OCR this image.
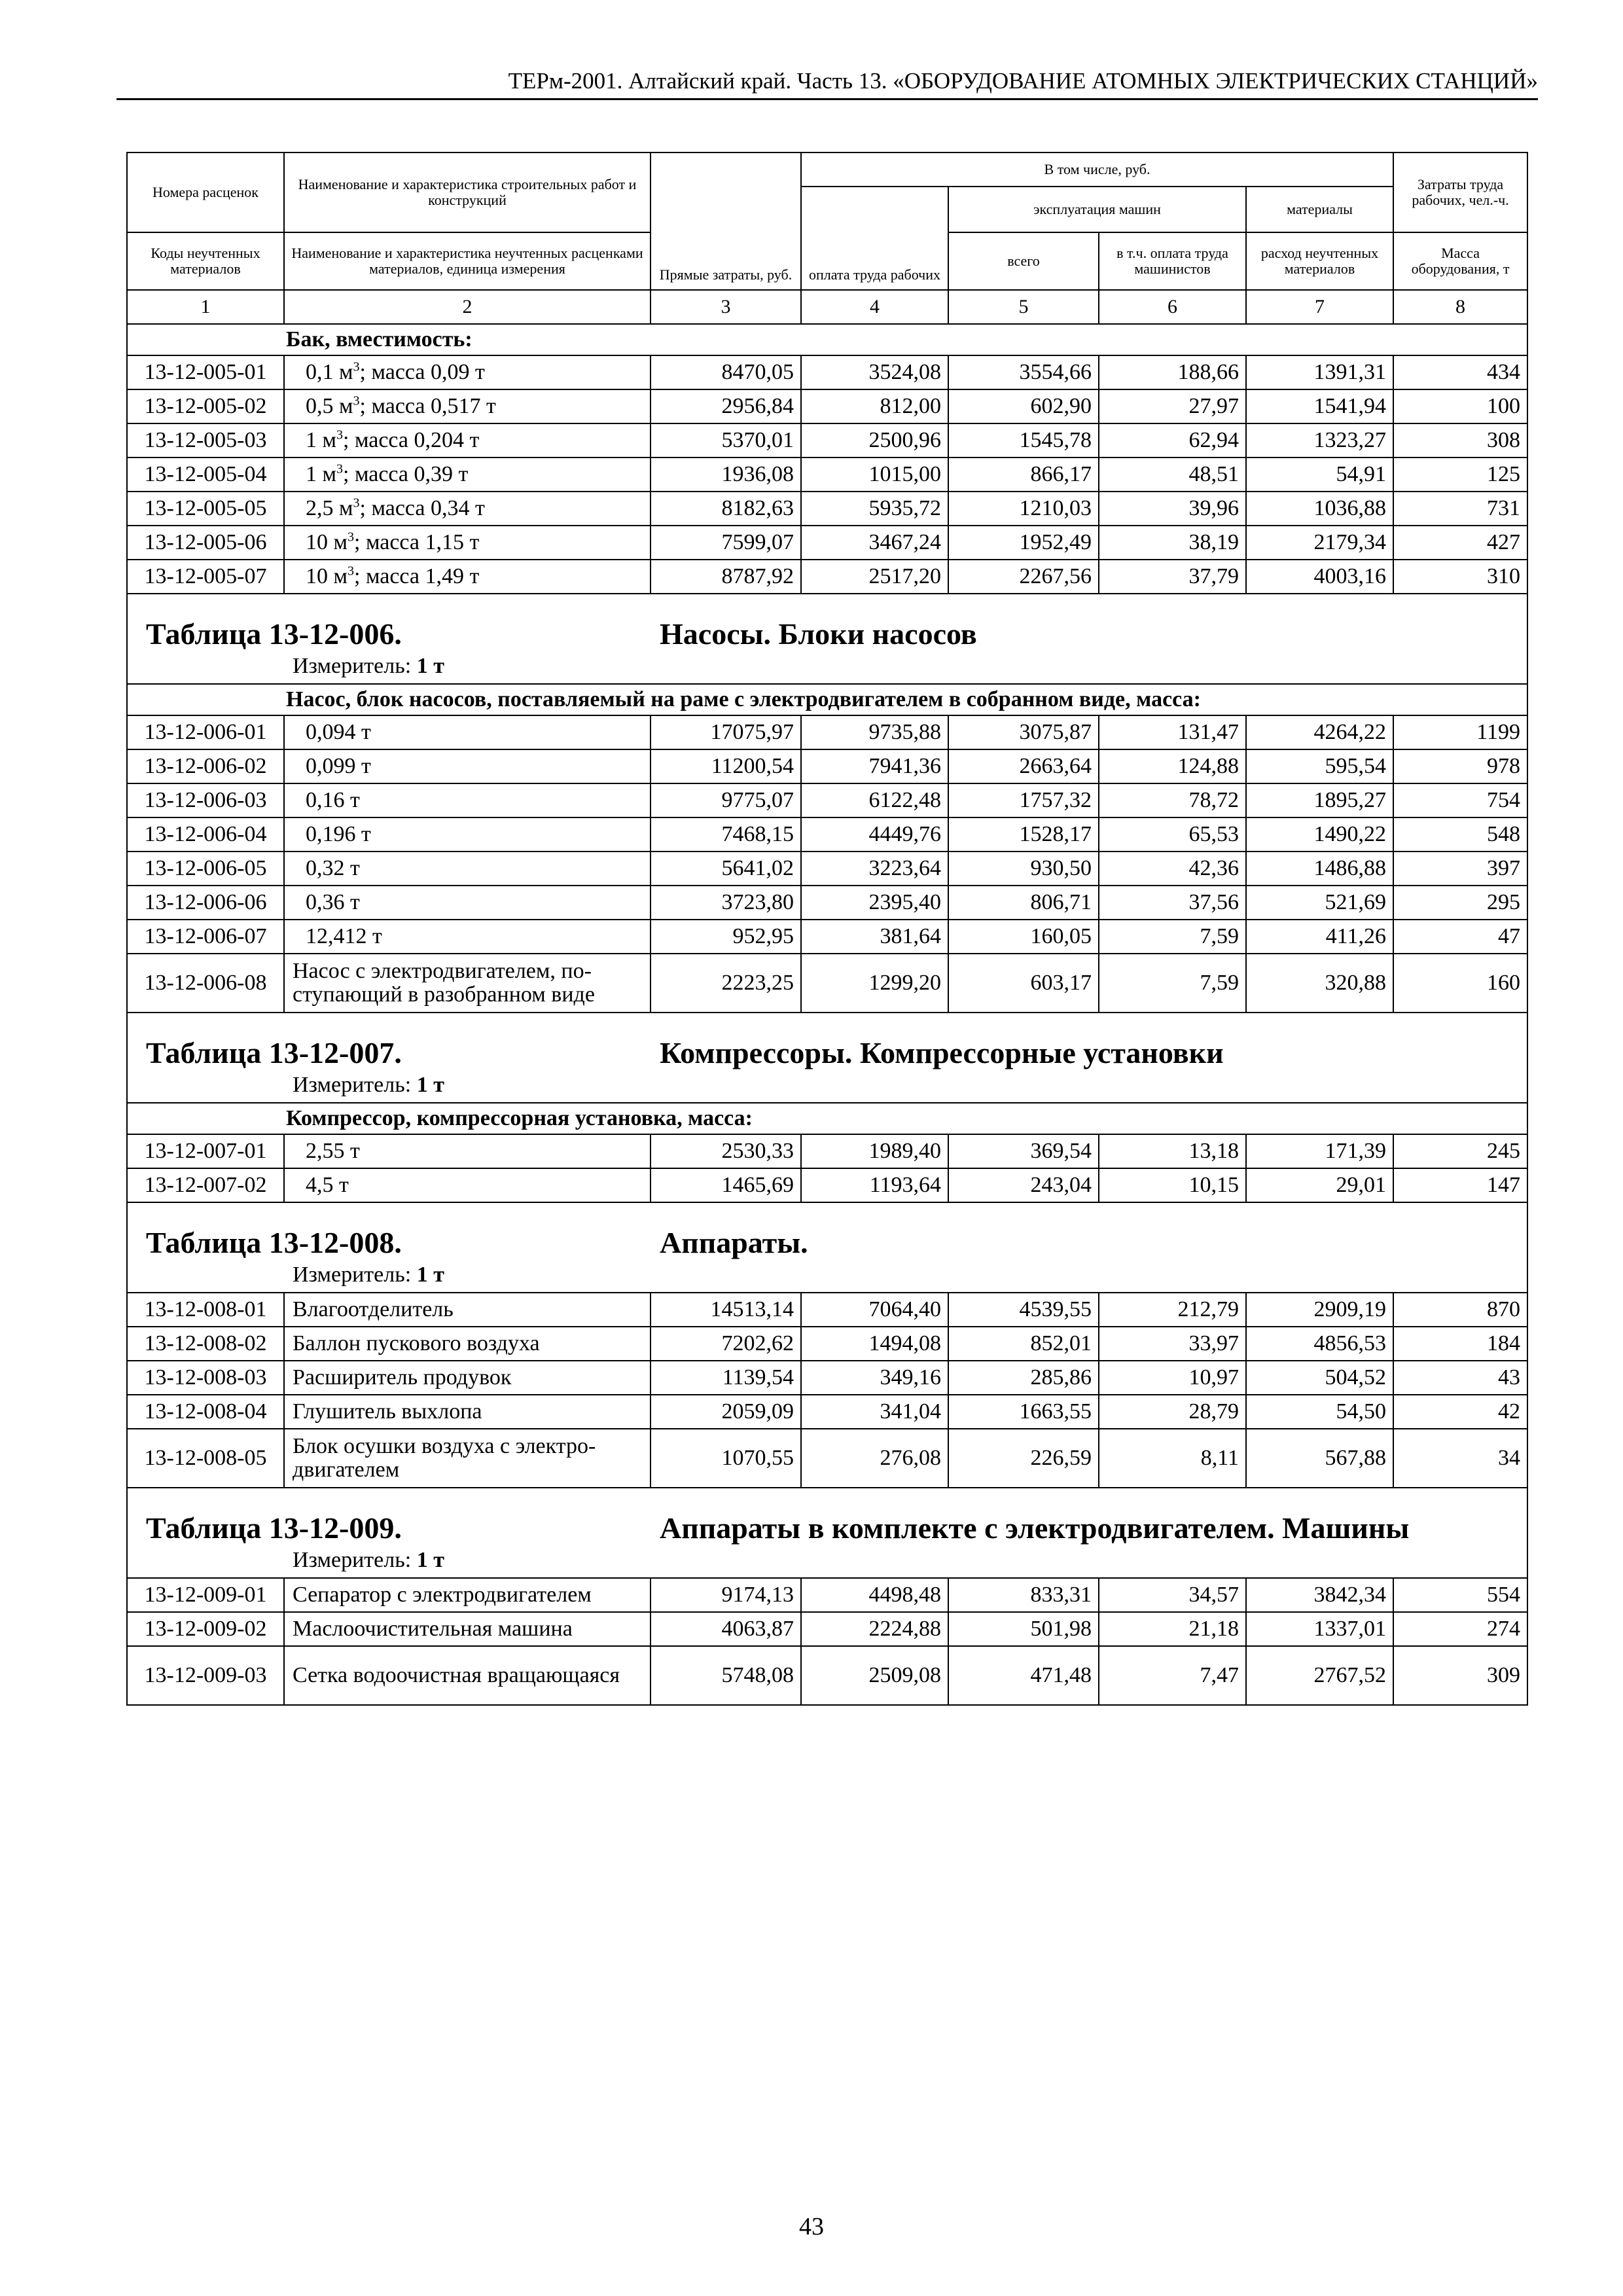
ТЕРм-2001. Алтайский край. Часть 13. «ОБОРУДОВАНИЕ АТОМНЫХ ЭЛЕКТРИЧЕСКИХ СТАНЦИЙ»
Номера расценок	Наименование и характеристика строительных работ и конструкций	Прямые затраты, руб.	В том числе, руб.				Затраты труда рабочих, чел.-ч.
			оплата труда рабочих	эксплуатация машин		материалы	
Коды неучтенных материалов	Наименование и характеристика неучтенных расценками материалов, единица измерения			всего	в т.ч. оплата труда машинистов	расход неучтенных материалов	Масса оборудования, т
1	2	3	4	5	6	7	8
Бак, вместимость:							
13-12-005-01	0,1 $м^3$; масса 0,09 т	8470,05	3524,08	3554,66	188,66	1391,31	434
13-12-005-02	0,5 $м^3$; масса 0,517 т	2956,84	812,00	602,90	27,97	1541,94	100
13-12-005-03	1 $м^3$; масса 0,204 т	5370,01	2500,96	1545,78	62,94	1323,27	308
13-12-005-04	1 $м^3$; масса 0,39 т	1936,08	1015,00	866,17	48,51	54,91	125
13-12-005-05	2,5 $м^3$; масса 0,34 т	8182,63	5935,72	1210,03	39,96	1036,88	731
13-12-005-06	10 $м^3$; масса 1,15 т	7599,07	3467,24	1952,49	38,19	2179,34	427
13-12-005-07	10 $м^3$; масса 1,49 т	8787,92	2517,20	2267,56	37,79	4003,16	310

Таблица 13-12-006. Насосы. Блоки насосов
Измеритель: 1 т							

Насос, блок насосов, поставляемый на раме с электродвигателем в собранном виде, масса:							
13-12-006-01	0,094 т	17075,97	9735,88	3075,87	131,47	4264,22	1199
13-12-006-02	0,099 т	11200,54	7941,36	2663,64	124,88	595,54	978
13-12-006-03	0,16 т	9775,07	6122,48	1757,32	78,72	1895,27	754
13-12-006-04	0,196 т	7468,15	4449,76	1528,17	65,53	1490,22	548
13-12-006-05	0,32 т	5641,02	3223,64	930,50	42,36	1486,88	397
13-12-006-06	0,36 т	3723,80	2395,40	806,71	37,56	521,69	295
13-12-006-07	12,412 т	952,95	381,64	160,05	7,59	411,26	47
13-12-006-08	Насос с электродвигателем, поступающий в разобранном виде	2223,25	1299,20	603,17	7,59	320,88	160

Таблица 13-12-007. Компрессоры. Компрессорные установки
Измеритель: 1 т							

Компрессор, компрессорная установка, масса:							
13-12-007-01	2,55 т	2530,33	1989,40	369,54	13,18	171,39	245
13-12-007-02	4,5 т	1465,69	1193,64	243,04	10,15	29,01	147

Таблица 13-12-008. Аппараты.
Измеритель: 1 т							

13-12-008-01	Влагоотделитель	14513,14	7064,40	4539,55	212,79	2909,19	870
13-12-008-02	Баллон пускового воздуха	7202,62	1494,08	852,01	33,97	4856,53	184
13-12-008-03	Расширитель продувок	1139,54	349,16	285,86	10,97	504,52	43
13-12-008-04	Глушитель выхлопа	2059,09	341,04	1663,55	28,79	54,50	42
13-12-008-05	Блок осушки воздуха с электродвигателем	1070,55	276,08	226,59	8,11	567,88	34

Таблица 13-12-009. Аппараты в комплекте с электродвигателем. Машины
Измеритель: 1 т							

13-12-009-01	Сепаратор с электродвигателем	9174,13	4498,48	833,31	34,57	3842,34	554
13-12-009-02	Маслоочистительная машина	4063,87	2224,88	501,98	21,18	1337,01	274
13-12-009-03	Сетка водоочистная вращающаяся	5748,08	2509,08	471,48	7,47	2767,52	309
43
